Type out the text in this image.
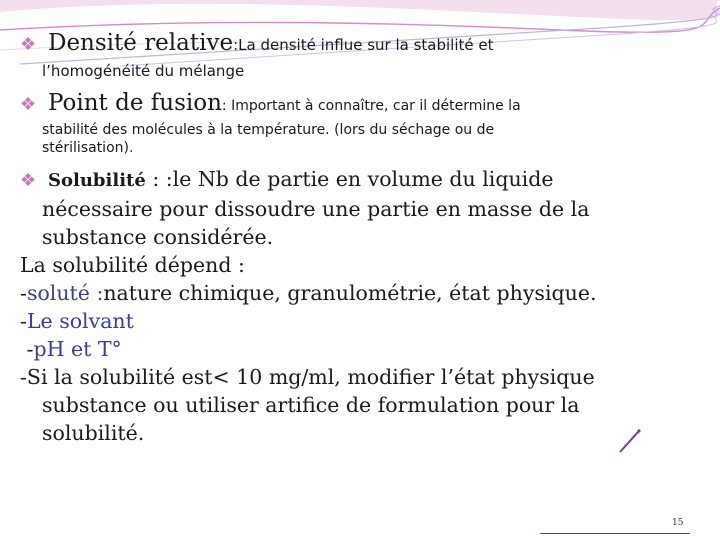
❖ Densité relative:La densité influe sur la stabilité et

l’homogénéité du mélange

❖ Point de fusion: Important à connaître, car il détermine la

stabilité des molécules à la température. (lors du séchage ou de

stérilisation).

❖ Solubilité : :le Nb de partie en volume du liquide

nécessaire pour dissoudre une partie en masse de la

substance considérée.

La solubilité dépend :

-soluté :nature chimique, granulométrie, état physique.

-Le solvant

-pH et T°

-Si la solubilité est< 10 mg/ml, modifier l’état physique

substance ou utiliser artifice de formulation pour la

solubilité.

15
